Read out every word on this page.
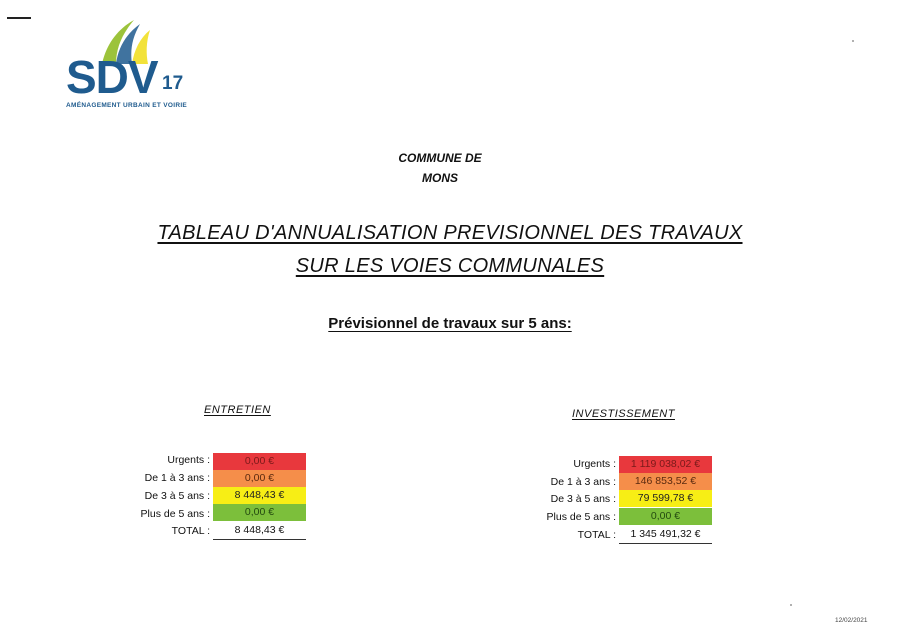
SDV 17
AMÉNAGEMENT URBAIN ET VOIRIE
COMMUNE DE
MONS
TABLEAU D'ANNUALISATION PREVISIONNEL DES TRAVAUX
SUR LES VOIES COMMUNALES
Prévisionnel de travaux sur 5 ans:
ENTRETIEN
Urgents :	0,00 €
De 1 à 3 ans :	0,00 €
De 3 à 5 ans :	8 448,43 €
Plus de 5 ans :	0,00 €
TOTAL :	8 448,43 €
INVESTISSEMENT
Urgents :	1 119 038,02 €
De 1 à 3 ans :	146 853,52 €
De 3 à 5 ans :	79 599,78 €
Plus de 5 ans :	0,00 €
TOTAL :	1 345 491,32 €
12/02/2021
